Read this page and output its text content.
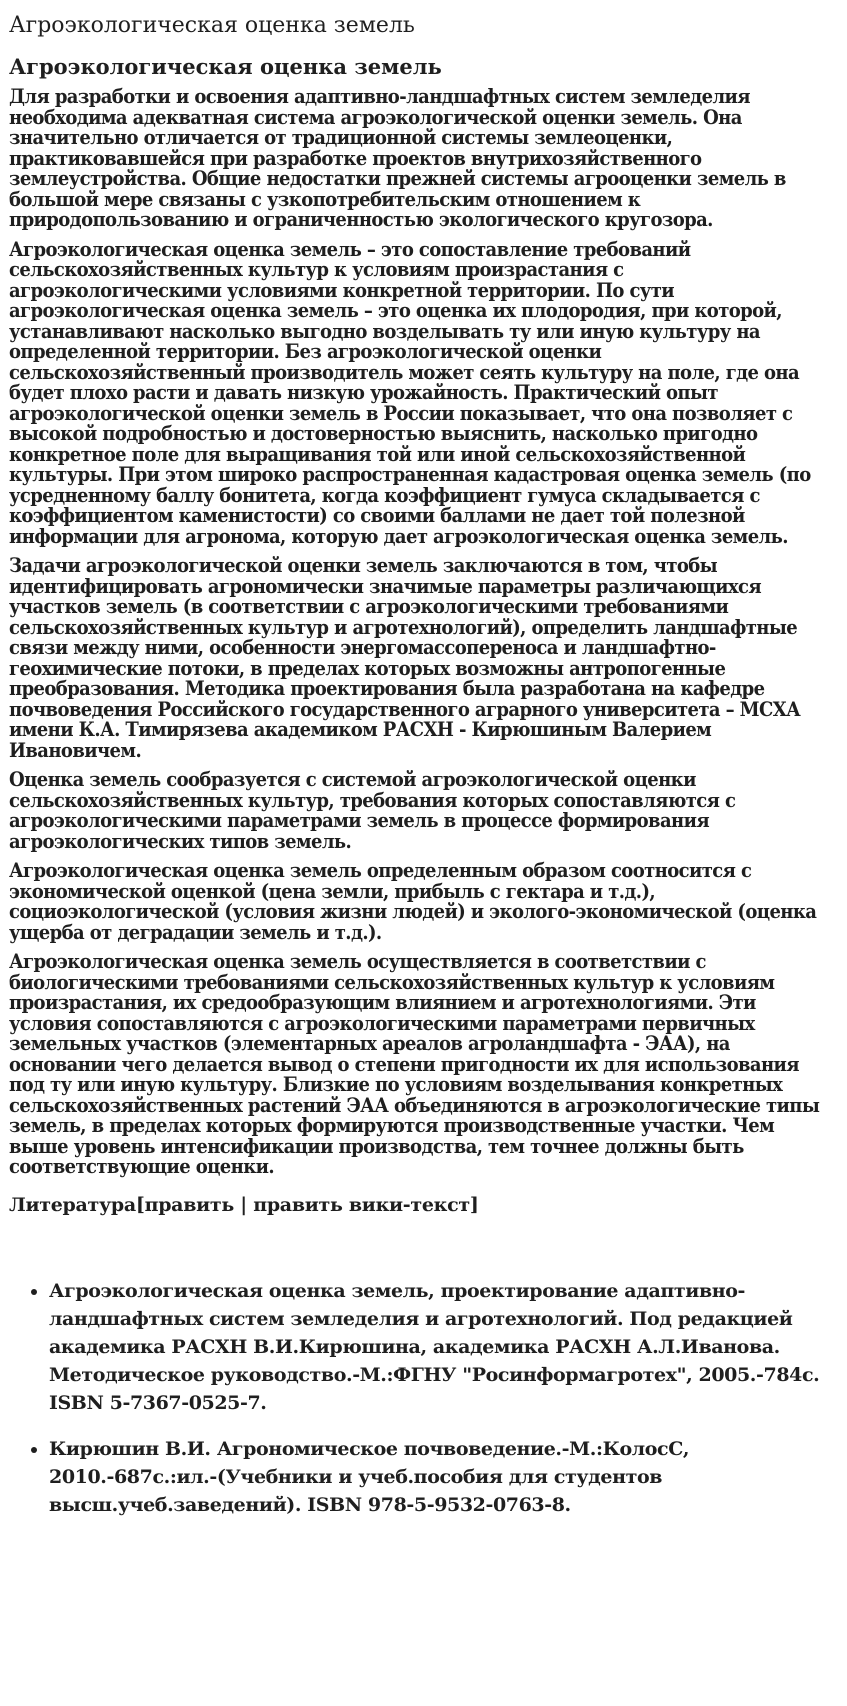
Агроэкологическая оценка земель
Агроэкологическая оценка земель

Для разработки и освоения адаптивно-ландшафтных систем земледелия необходима адекватная система агроэкологической оценки земель. Она значительно отличается от традиционной системы землеоценки, практиковавшейся при разработке проектов внутрихозяйственного землеустройства. Общие недостатки прежней системы агрооценки земель в большой мере связаны с узкопотребительским отношением к природопользованию и ограниченностью экологического кругозора.

Агроэкологическая оценка земель – это сопоставление требований сельскохозяйственных культур к условиям произрастания с агроэкологическими условиями конкретной территории. По сути агроэкологическая оценка земель – это оценка их плодородия, при которой, устанавливают насколько выгодно возделывать ту или иную культуру на определенной территории. Без агроэкологической оценки сельскохозяйственный производитель может сеять культуру на поле, где она будет плохо расти и давать низкую урожайность. Практический опыт агроэкологической оценки земель в России показывает, что она позволяет с высокой подробностью и достоверностью выяснить, насколько пригодно конкретное поле для выращивания той или иной сельскохозяйственной культуры. При этом широко распространенная кадастровая оценка земель (по усредненному баллу бонитета, когда коэффициент гумуса складывается с коэффициентом каменистости) со своими баллами не дает той полезной информации для агронома, которую дает агроэкологическая оценка земель.

Задачи агроэкологической оценки земель заключаются в том, чтобы идентифицировать агрономически значимые параметры различающихся участков земель (в соответствии с агроэкологическими требованиями сельскохозяйственных культур и агротехнологий), определить ландшафтные связи между ними, особенности энергомассопереноса и ландшафтно-геохимические потоки, в пределах которых возможны антропогенные преобразования. Методика проектирования была разработана на кафедре почвоведения Российского государственного аграрного университета – МСХА имени К.А. Тимирязева академиком РАСХН - Кирюшиным Валерием Ивановичем.

Оценка земель сообразуется с системой агроэкологической оценки сельскохозяйственных культур, требования которых сопоставляются с агроэкологическими параметрами земель в процессе формирования агроэкологических типов земель.

Агроэкологическая оценка земель определенным образом соотносится с экономической оценкой (цена земли, прибыль с гектара и т.д.), социоэкологической (условия жизни людей) и эколого-экономической (оценка ущерба от деградации земель и т.д.).

Агроэкологическая оценка земель осуществляется в соответствии с биологическими требованиями сельскохозяйственных культур к условиям произрастания, их средообразующим влиянием и агротехнологиями. Эти условия сопоставляются с агроэкологическими параметрами первичных земельных участков (элементарных ареалов агроландшафта - ЭАА), на основании чего делается вывод о степени пригодности их для использования под ту или иную культуру. Близкие по условиям возделывания конкретных сельскохозяйственных растений ЭАА объединяются в агроэкологические типы земель, в пределах которых формируются производственные участки. Чем выше уровень интенсификации производства, тем точнее должны быть соответствующие оценки.

Литература[править | править вики-текст]
• Агроэкологическая оценка земель, проектирование адаптивно-ландшафтных систем земледелия и агротехнологий. Под редакцией академика РАСХН В.И.Кирюшина, академика РАСХН А.Л.Иванова. Методическое руководство.-М.:ФГНУ "Росинформагротех", 2005.-784с. ISBN 5-7367-0525-7.
• Кирюшин В.И. Агрономическое почвоведение.-М.:КолосС, 2010.-687с.:ил.-(Учебники и учеб.пособия для студентов высш.учеб.заведений). ISBN 978-5-9532-0763-8.
